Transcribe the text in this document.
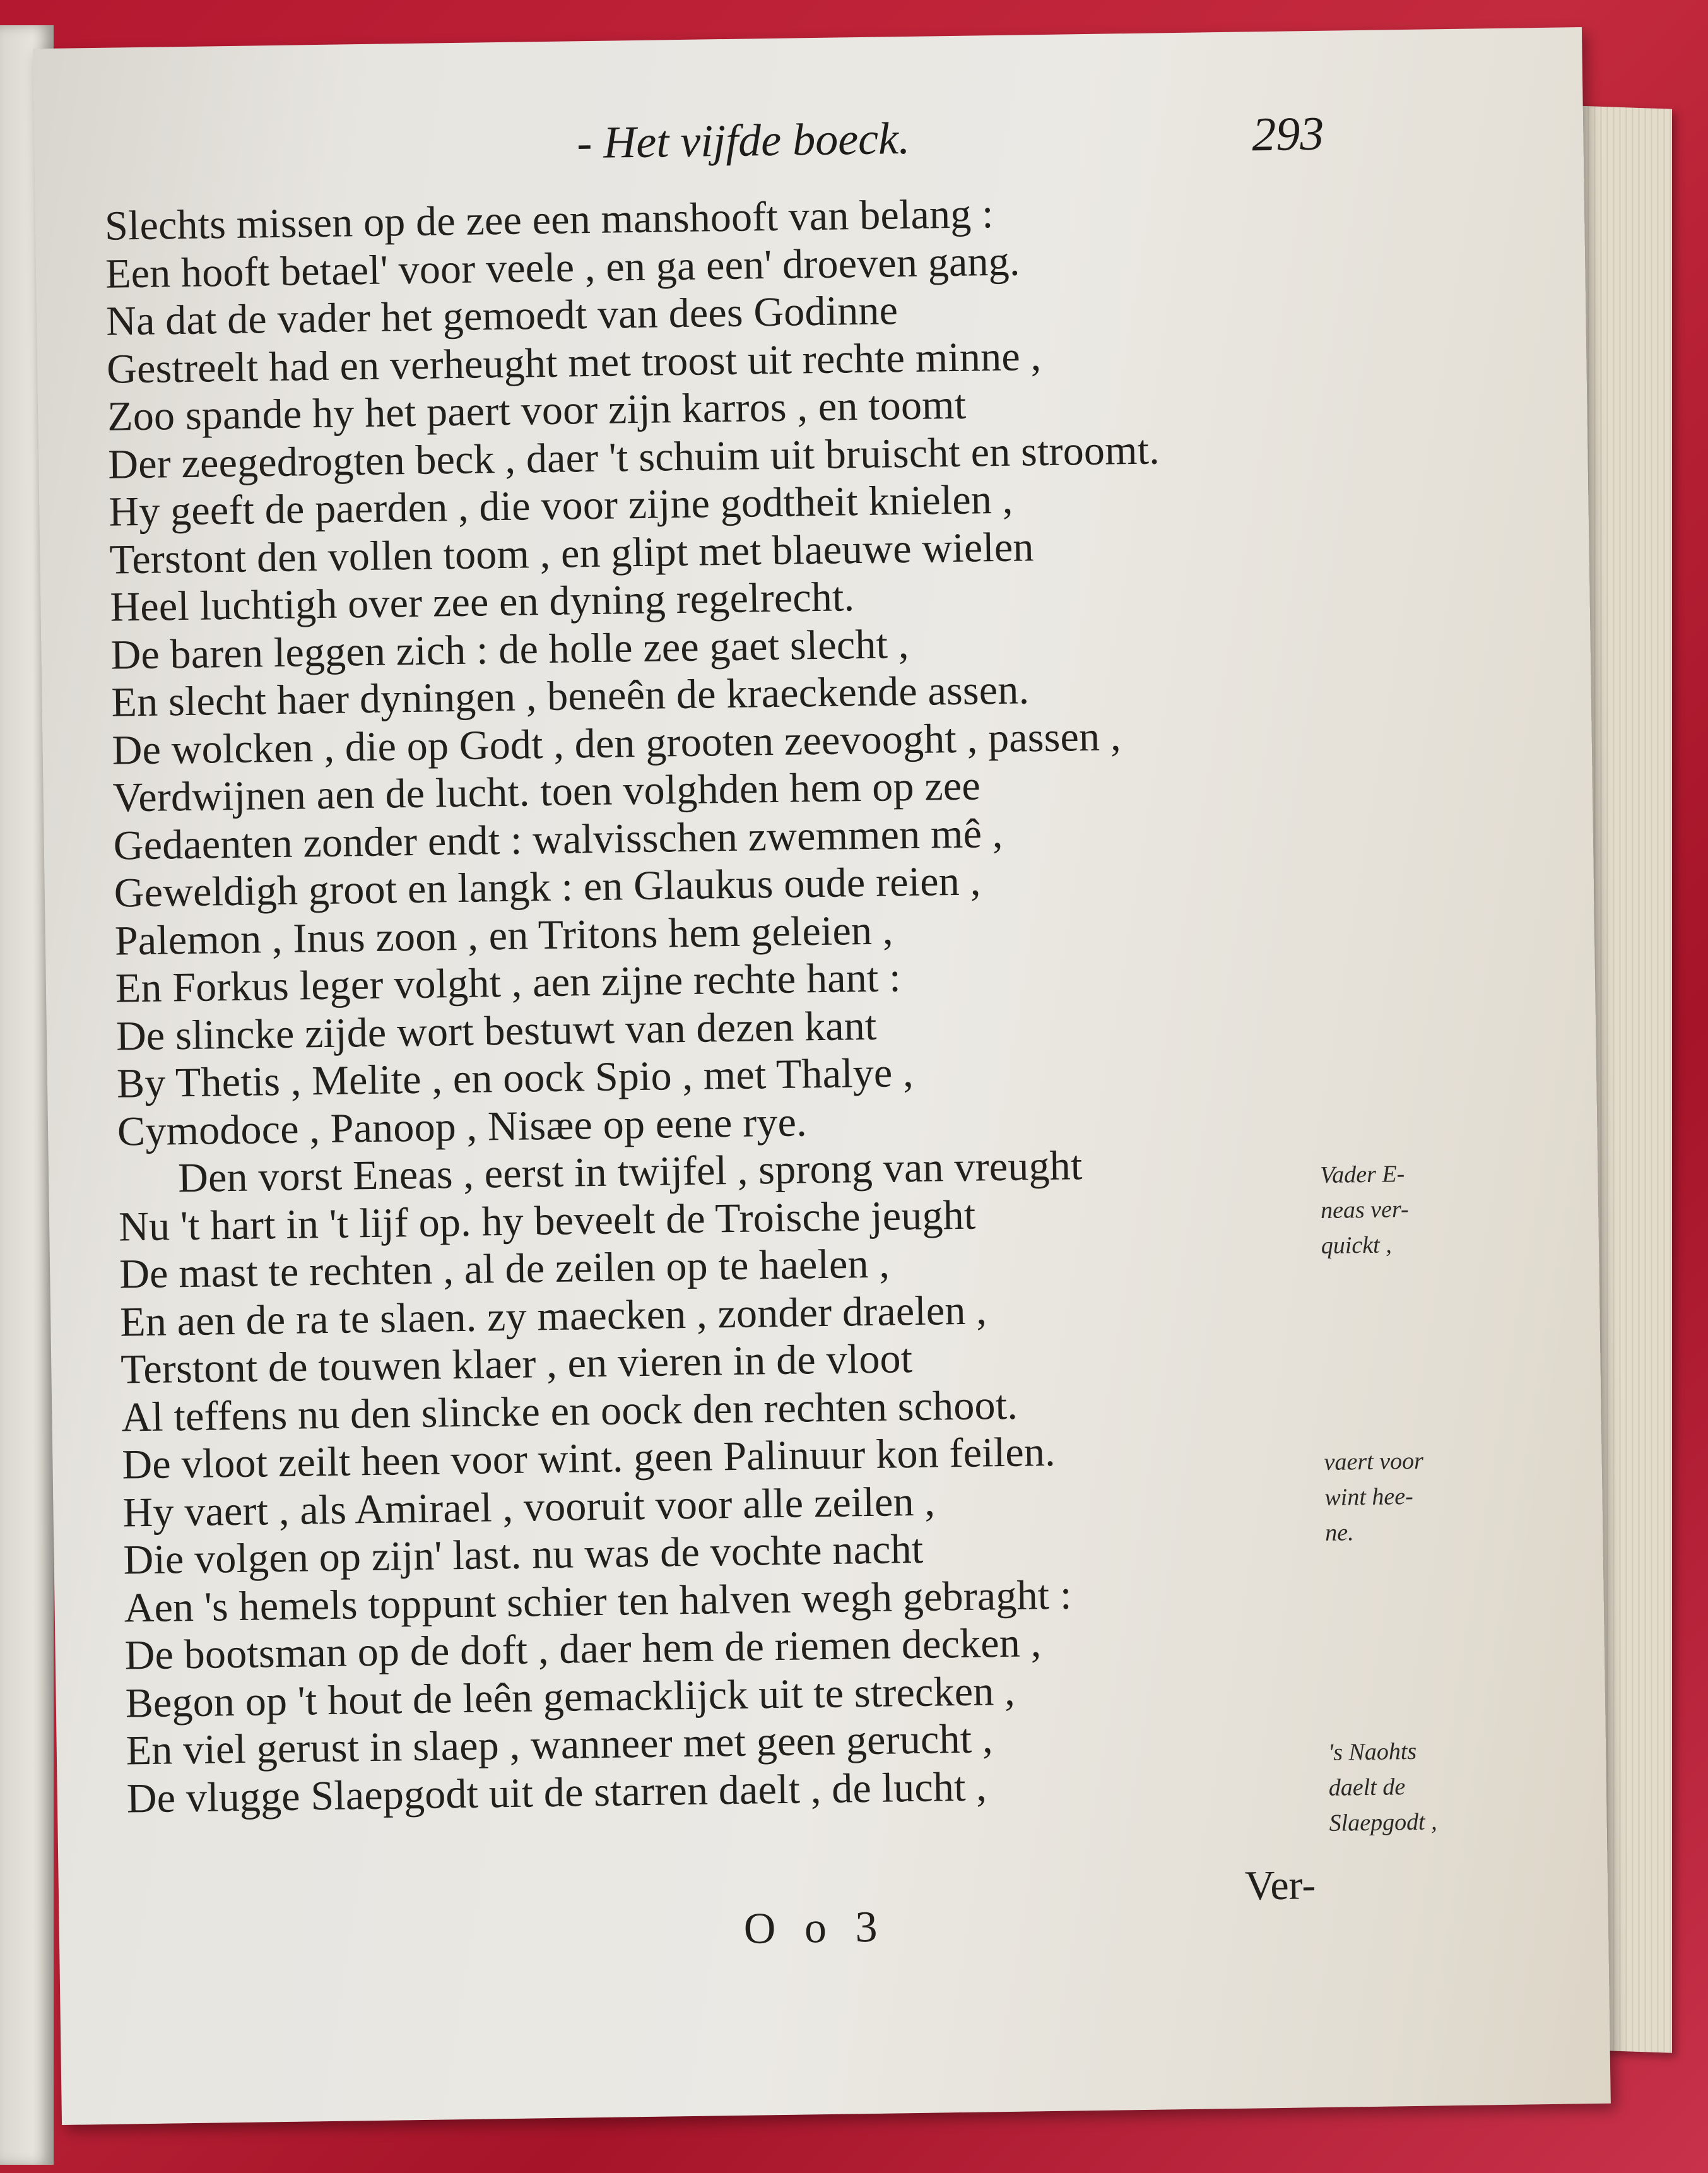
- Het vijfde boeck.	293
Slechts missen op de zee een manshooft van belang :
Een hooft betael' voor veele , en ga een' droeven gang.
Na dat de vader het gemoedt van dees Godinne
Gestreelt had en verheught met troost uit rechte minne ,
Zoo spande hy het paert voor zijn karros , en toomt
Der zeegedrogten beck , daer 't schuim uit bruischt en stroomt.
Hy geeft de paerden , die voor zijne godtheit knielen ,
Terstont den vollen toom , en glipt met blaeuwe wielen
Heel luchtigh over zee en dyning regelrecht.
De baren leggen zich : de holle zee gaet slecht ,
En slecht haer dyningen , beneên de kraeckende assen.
De wolcken , die op Godt , den grooten zeevooght , passen ,
Verdwijnen aen de lucht. toen volghden hem op zee
Gedaenten zonder endt : walvisschen zwemmen mê ,
Geweldigh groot en langk : en Glaukus oude reien ,
Palemon , Inus zoon , en Tritons hem geleien ,
En Forkus leger volght , aen zijne rechte hant :
De slincke zijde wort bestuwt van dezen kant
By Thetis , Melite , en oock Spio , met Thalye ,
Cymodoce , Panoop , Nisæe op eene rye.
Den vorst Eneas , eerst in twijfel , sprong van vreught
Nu 't hart in 't lijf op. hy beveelt de Troische jeught
De mast te rechten , al de zeilen op te haelen ,
En aen de ra te slaen. zy maecken , zonder draelen ,
Terstont de touwen klaer , en vieren in de vloot
Al teffens nu den slincke en oock den rechten schoot.
De vloot zeilt heen voor wint. geen Palinuur kon feilen.
Hy vaert , als Amirael , vooruit voor alle zeilen ,
Die volgen op zijn' last. nu was de vochte nacht
Aen 's hemels toppunt schier ten halven wegh gebraght :
De bootsman op de doft , daer hem de riemen decken ,
Begon op 't hout de leên gemacklijck uit te strecken ,
En viel gerust in slaep , wanneer met geen gerucht ,
De vlugge Slaepgodt uit de starren daelt , de lucht ,
Vader E-
neas ver-
quickt ,
vaert voor
wint hee-
ne.
's Naohts
daelt de
Slaepgodt ,
O o 3
Ver-
